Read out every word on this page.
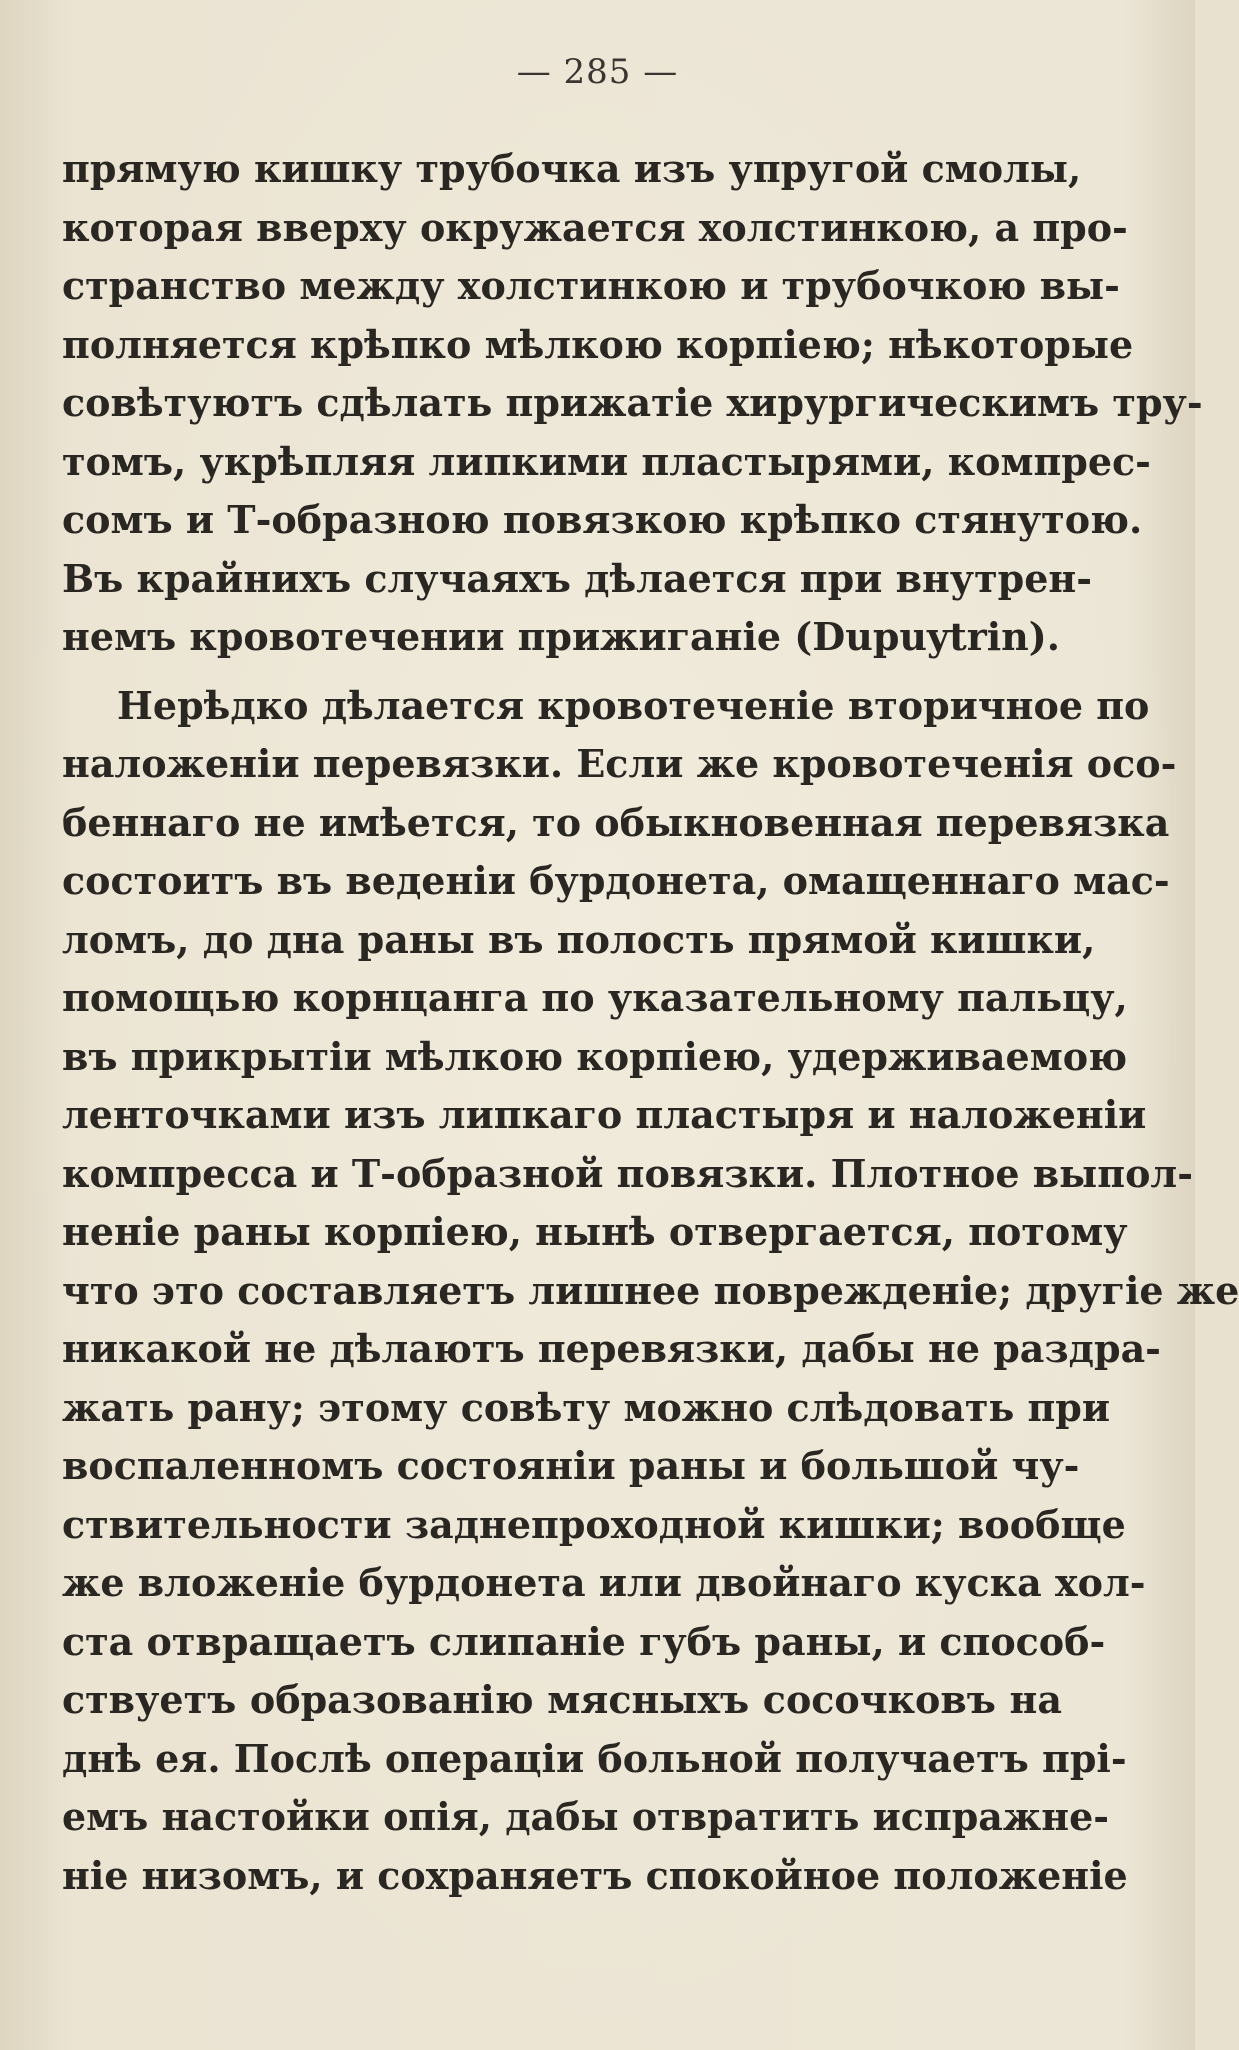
— 285 —
прямую кишку трубочка изъ упругой смолы,
которая вверху окружается холстинкою, а про-
странство между холстинкою и трубочкою вы-
полняется крѣпко мѣлкою корпіею; нѣкоторые
совѣтуютъ сдѣлать прижатіе хирургическимъ тру-
томъ, укрѣпляя липкими пластырями, компрес-
сомъ и Т-образною повязкою крѣпко стянутою.
Въ крайнихъ случаяхъ дѣлается при внутрен-
немъ кровотечении прижиганіе (Dupuytrin).
Нерѣдко дѣлается кровотеченіе вторичное по
наложеніи перевязки. Если же кровотеченія осо-
беннаго не имѣется, то обыкновенная перевязка
состоитъ въ веденіи бурдонета, омащеннаго мас-
ломъ, до дна раны въ полость прямой кишки,
помощью корнцанга по указательному пальцу,
въ прикрытіи мѣлкою корпіею, удерживаемою
ленточками изъ липкаго пластыря и наложеніи
компресса и Т-образной повязки. Плотное выпол-
неніе раны корпіею, нынѣ отвергается, потому
что это составляетъ лишнее поврежденіе; другіе же
никакой не дѣлаютъ перевязки, дабы не раздра-
жать рану; этому совѣту можно слѣдовать при
воспаленномъ состояніи раны и большой чу-
ствительности заднепроходной кишки; вообще
же вложеніе бурдонета или двойнаго куска хол-
ста отвращаетъ слипаніе губъ раны, и способ-
ствуетъ образованію мясныхъ сосочковъ на
днѣ ея. Послѣ операціи больной получаетъ прі-
емъ настойки опія, дабы отвратить испражне-
ніе низомъ, и сохраняетъ спокойное положеніе
